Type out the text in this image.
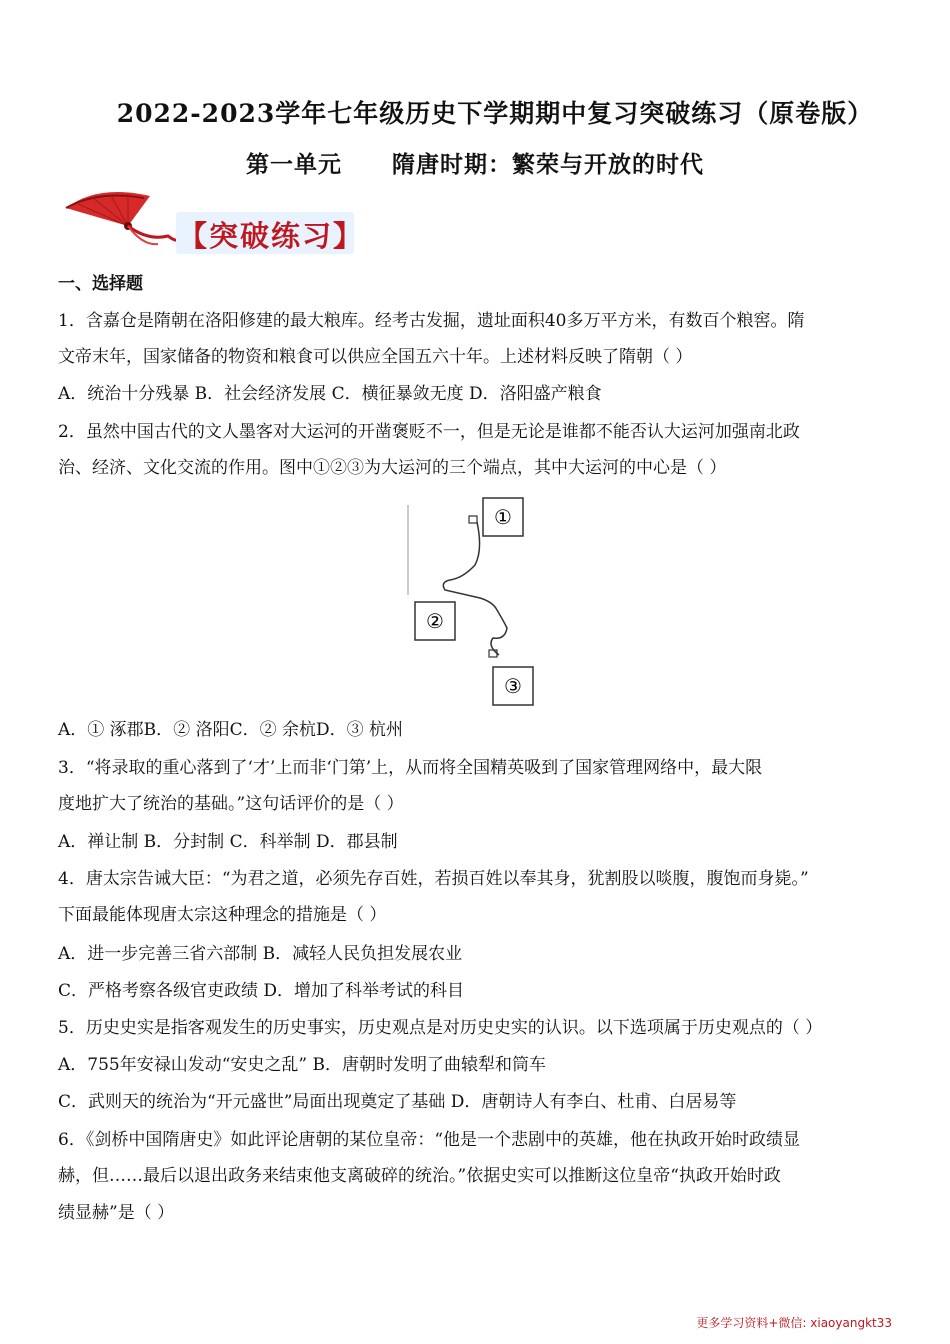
2022-2023学年七年级历史下学期期中复习突破练习（原卷版）
第一单元 隋唐时期：繁荣与开放的时代
【突破练习】
一、选择题
1．含嘉仓是隋朝在洛阳修建的最大粮库。经考古发掘，遗址面积40多万平方米，有数百个粮窖。隋
文帝末年，国家储备的物资和粮食可以供应全国五六十年。上述材料反映了隋朝（ ）
A．统治十分残暴 B．社会经济发展 C．横征暴敛无度 D．洛阳盛产粮食
2．虽然中国古代的文人墨客对大运河的开凿褒贬不一，但是无论是谁都不能否认大运河加强南北政
治、经济、文化交流的作用。图中①②③为大运河的三个端点，其中大运河的中心是（ ）
①
②
③
A．① 涿郡B．② 洛阳C．② 余杭D．③ 杭州
3．“将录取的重心落到了‘才’上而非‘门第’上，从而将全国精英吸到了国家管理网络中，最大限
度地扩大了统治的基础。”这句话评价的是（ ）
A．禅让制 B．分封制 C．科举制 D．郡县制
4．唐太宗告诫大臣：“为君之道，必须先存百姓，若损百姓以奉其身，犹割股以啖腹，腹饱而身毙。”
下面最能体现唐太宗这种理念的措施是（ ）
A．进一步完善三省六部制 B．减轻人民负担发展农业
C．严格考察各级官吏政绩 D．增加了科举考试的科目
5．历史史实是指客观发生的历史事实，历史观点是对历史史实的认识。以下选项属于历史观点的（ ）
A．755年安禄山发动“安史之乱” B．唐朝时发明了曲辕犁和筒车
C．武则天的统治为“开元盛世”局面出现奠定了基础 D．唐朝诗人有李白、杜甫、白居易等
6．《剑桥中国隋唐史》如此评论唐朝的某位皇帝：“他是一个悲剧中的英雄，他在执政开始时政绩显
赫，但……最后以退出政务来结束他支离破碎的统治。”依据史实可以推断这位皇帝“执政开始时政
绩显赫”是（ ）
更多学习资料+微信: xiaoyangkt33
